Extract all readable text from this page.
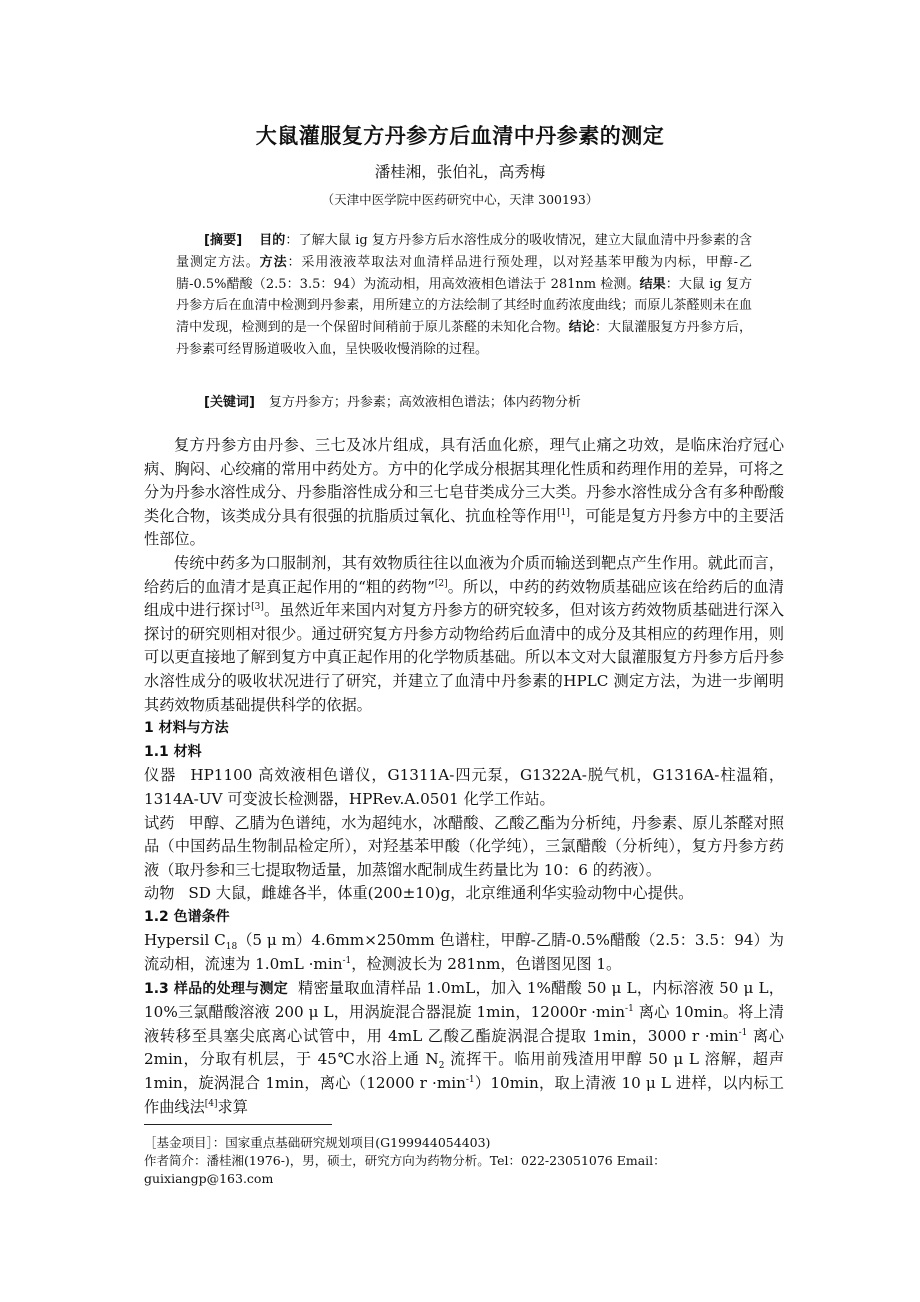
大鼠灌服复方丹参方后血清中丹参素的测定
潘桂湘，张伯礼，高秀梅
（天津中医学院中医药研究中心，天津 300193）
[摘要] 目的：了解大鼠 ig 复方丹参方后水溶性成分的吸收情况，建立大鼠血清中丹参素的含量测定方法。方法：采用液液萃取法对血清样品进行预处理，以对羟基苯甲酸为内标，甲醇-乙腈-0.5%醋酸（2.5：3.5：94）为流动相，用高效液相色谱法于 281nm 检测。结果：大鼠 ig 复方丹参方后在血清中检测到丹参素，用所建立的方法绘制了其经时血药浓度曲线；而原儿茶醛则未在血清中发现，检测到的是一个保留时间稍前于原儿茶醛的未知化合物。结论：大鼠灌服复方丹参方后，丹参素可经胃肠道吸收入血，呈快吸收慢消除的过程。
[关键词] 复方丹参方；丹参素；高效液相色谱法；体内药物分析

复方丹参方由丹参、三七及冰片组成，具有活血化瘀，理气止痛之功效，是临床治疗冠心病、胸闷、心绞痛的常用中药处方。方中的化学成分根据其理化性质和药理作用的差异，可将之分为丹参水溶性成分、丹参脂溶性成分和三七皂苷类成分三大类。丹参水溶性成分含有多种酚酸类化合物，该类成分具有很强的抗脂质过氧化、抗血栓等作用[1]，可能是复方丹参方中的主要活性部位。

传统中药多为口服制剂，其有效物质往往以血液为介质而输送到靶点产生作用。就此而言，给药后的血清才是真正起作用的“粗的药物”[2]。所以，中药的药效物质基础应该在给药后的血清组成中进行探讨[3]。虽然近年来国内对复方丹参方的研究较多，但对该方药效物质基础进行深入探讨的研究则相对很少。通过研究复方丹参方动物给药后血清中的成分及其相应的药理作用，则可以更直接地了解到复方中真正起作用的化学物质基础。所以本文对大鼠灌服复方丹参方后丹参水溶性成分的吸收状况进行了研究，并建立了血清中丹参素的HPLC 测定方法，为进一步阐明其药效物质基础提供科学的依据。

1 材料与方法

1.1 材料

仪器 HP1100 高效液相色谱仪，G1311A-四元泵，G1322A-脱气机，G1316A-柱温箱，1314A-UV 可变波长检测器，HPRev.A.0501 化学工作站。

试药 甲醇、乙腈为色谱纯，水为超纯水，冰醋酸、乙酸乙酯为分析纯，丹参素、原儿茶醛对照品（中国药品生物制品检定所），对羟基苯甲酸（化学纯），三氯醋酸（分析纯），复方丹参方药液（取丹参和三七提取物适量，加蒸馏水配制成生药量比为 10：6 的药液）。

动物 SD 大鼠，雌雄各半，体重(200±10)g，北京维通利华实验动物中心提供。

1.2 色谱条件

Hypersil $C_{18}(5$ μ m）4.6mm×250mm 色谱柱，甲醇-乙腈-0.5%醋酸（2.5：3.5：94）为流动相，流速为 $1.0mL \cdot\min^{-1}$，检测波长为 281nm，色谱图见图 1。

1.3 样品的处理与测定 精密量取血清样品 1.0mL，加入 1%醋酸 50 μ L，内标溶液 50 μ L，10%三氯醋酸溶液 200 μ L，用涡旋混合器混旋 1min，$12000r \cdot\min^{-1}$ 离心 10min。将上清液转移至具塞尖底离心试管中，用 4mL 乙酸乙酯旋涡混合提取 1min，3000 $r \cdot\min^{-1}$ 离心 2min，分取有机层，于 45℃水浴上通 $N_2$ 流挥干。临用前残渣用甲醇 50 μ L 溶解，超声 1min，旋涡混合 1min，离心（12000 $r \cdot\min^{-1})10\min$，取上清液 10 μ L 进样，以内标工作曲线法[4]求算

［基金项目］：国家重点基础研究规划项目(G199944054403)
作者简介：潘桂湘(1976-)，男，硕士，研究方向为药物分析。Tel：022-23051076 Email：guixiangp@163.com
